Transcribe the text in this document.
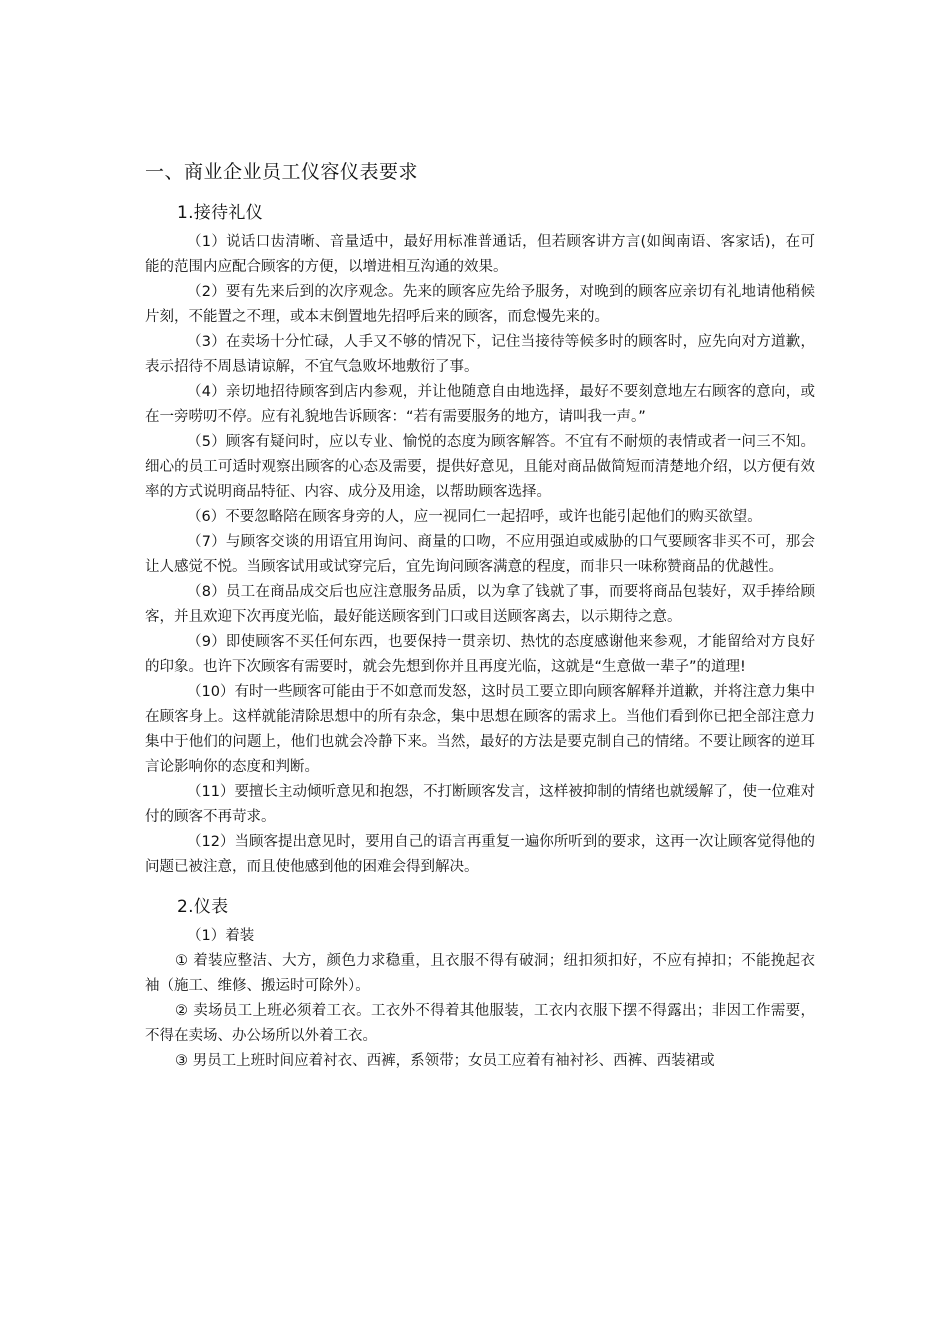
一、商业企业员工仪容仪表要求
1.接待礼仪

（1）说话口齿清晰、音量适中，最好用标准普通话，但若顾客讲方言(如闽南语、客家话)，在可能的范围内应配合顾客的方便，以增进相互沟通的效果。

（2）要有先来后到的次序观念。先来的顾客应先给予服务，对晚到的顾客应亲切有礼地请他稍候片刻，不能置之不理，或本末倒置地先招呼后来的顾客，而怠慢先来的。

（3）在卖场十分忙碌，人手又不够的情况下，记住当接待等候多时的顾客时，应先向对方道歉，表示招待不周恳请谅解，不宜气急败坏地敷衍了事。

（4）亲切地招待顾客到店内参观，并让他随意自由地选择，最好不要刻意地左右顾客的意向，或在一旁唠叨不停。应有礼貌地告诉顾客：“若有需要服务的地方，请叫我一声。”

（5）顾客有疑问时，应以专业、愉悦的态度为顾客解答。不宜有不耐烦的表情或者一问三不知。细心的员工可适时观察出顾客的心态及需要，提供好意见，且能对商品做简短而清楚地介绍，以方便有效率的方式说明商品特征、内容、成分及用途，以帮助顾客选择。

（6）不要忽略陪在顾客身旁的人，应一视同仁一起招呼，或许也能引起他们的购买欲望。

（7）与顾客交谈的用语宜用询问、商量的口吻，不应用强迫或威胁的口气要顾客非买不可，那会让人感觉不悦。当顾客试用或试穿完后，宜先询问顾客满意的程度，而非只一味称赞商品的优越性。

（8）员工在商品成交后也应注意服务品质，以为拿了钱就了事，而要将商品包装好，双手捧给顾客，并且欢迎下次再度光临，最好能送顾客到门口或目送顾客离去，以示期待之意。

（9）即使顾客不买任何东西，也要保持一贯亲切、热忱的态度感谢他来参观，才能留给对方良好的印象。也许下次顾客有需要时，就会先想到你并且再度光临，这就是“生意做一辈子”的道理!

（10）有时一些顾客可能由于不如意而发怒，这时员工要立即向顾客解释并道歉，并将注意力集中在顾客身上。这样就能清除思想中的所有杂念，集中思想在顾客的需求上。当他们看到你已把全部注意力集中于他们的问题上，他们也就会冷静下来。当然，最好的方法是要克制自己的情绪。不要让顾客的逆耳言论影响你的态度和判断。

（11）要擅长主动倾听意见和抱怨，不打断顾客发言，这样被抑制的情绪也就缓解了，使一位难对付的顾客不再苛求。

（12）当顾客提出意见时，要用自己的语言再重复一遍你所听到的要求，这再一次让顾客觉得他的问题已被注意，而且使他感到他的困难会得到解决。

2.仪表
（1）着装

① 着装应整洁、大方，颜色力求稳重，且衣服不得有破洞；纽扣须扣好，不应有掉扣；不能挽起衣袖（施工、维修、搬运时可除外）。

② 卖场员工上班必须着工衣。工衣外不得着其他服装，工衣内衣服下摆不得露出；非因工作需要，不得在卖场、办公场所以外着工衣。

③ 男员工上班时间应着衬衣、西裤，系领带；女员工应着有袖衬衫、西裤、西装裙或
